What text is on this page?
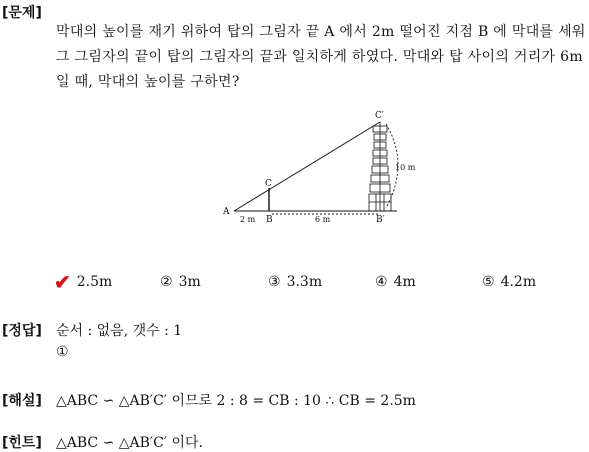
[문제]
막대의 높이를 재기 위하여 탑의 그림자 끝 A 에서 2m 떨어진 지점 B 에 막대를 세워 그 그림자의 끝이 탑의 그림자의 끝과 일치하게 하였다. 막대와 탑 사이의 거리가 6m 일 때, 막대의 높이를 구하면?
A
C
C′
2 m B	6 m	B′
10 m
✔ 2.5m	② 3m	③ 3.3m	④ 4m	⑤ 4.2m
[정답] 순서 : 없음, 갯수 : 1
①
[해설] △ABC ∽ △AB′C′ 이므로 2 : 8 = CB : 10 ∴ CB = 2.5m
[힌트] △ABC ∽ △AB′C′ 이다.
